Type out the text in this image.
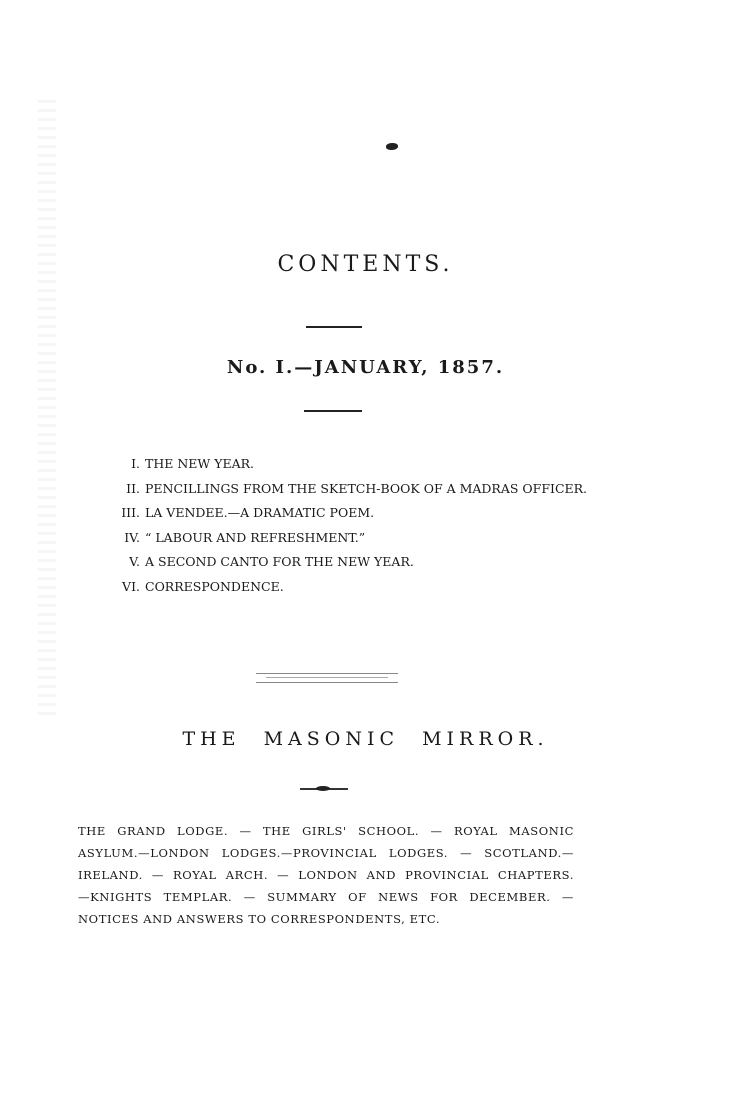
CONTENTS.
No. I.—JANUARY, 1857.
I. THE NEW YEAR.
II. PENCILLINGS FROM THE SKETCH-BOOK OF A MADRAS OFFICER.
III. LA VENDEE.—A DRAMATIC POEM.
IV. “ LABOUR AND REFRESHMENT.”
V. A SECOND CANTO FOR THE NEW YEAR.
VI. CORRESPONDENCE.
THE MASONIC MIRROR.
THE GRAND LODGE. — THE GIRLS' SCHOOL. — ROYAL MASONIC
ASYLUM.—LONDON LODGES.—PROVINCIAL LODGES. — SCOTLAND.—
IRELAND. — ROYAL ARCH. — LONDON AND PROVINCIAL CHAPTERS.
—KNIGHTS TEMPLAR. — SUMMARY OF NEWS FOR DECEMBER. —
NOTICES AND ANSWERS TO CORRESPONDENTS, ETC.
